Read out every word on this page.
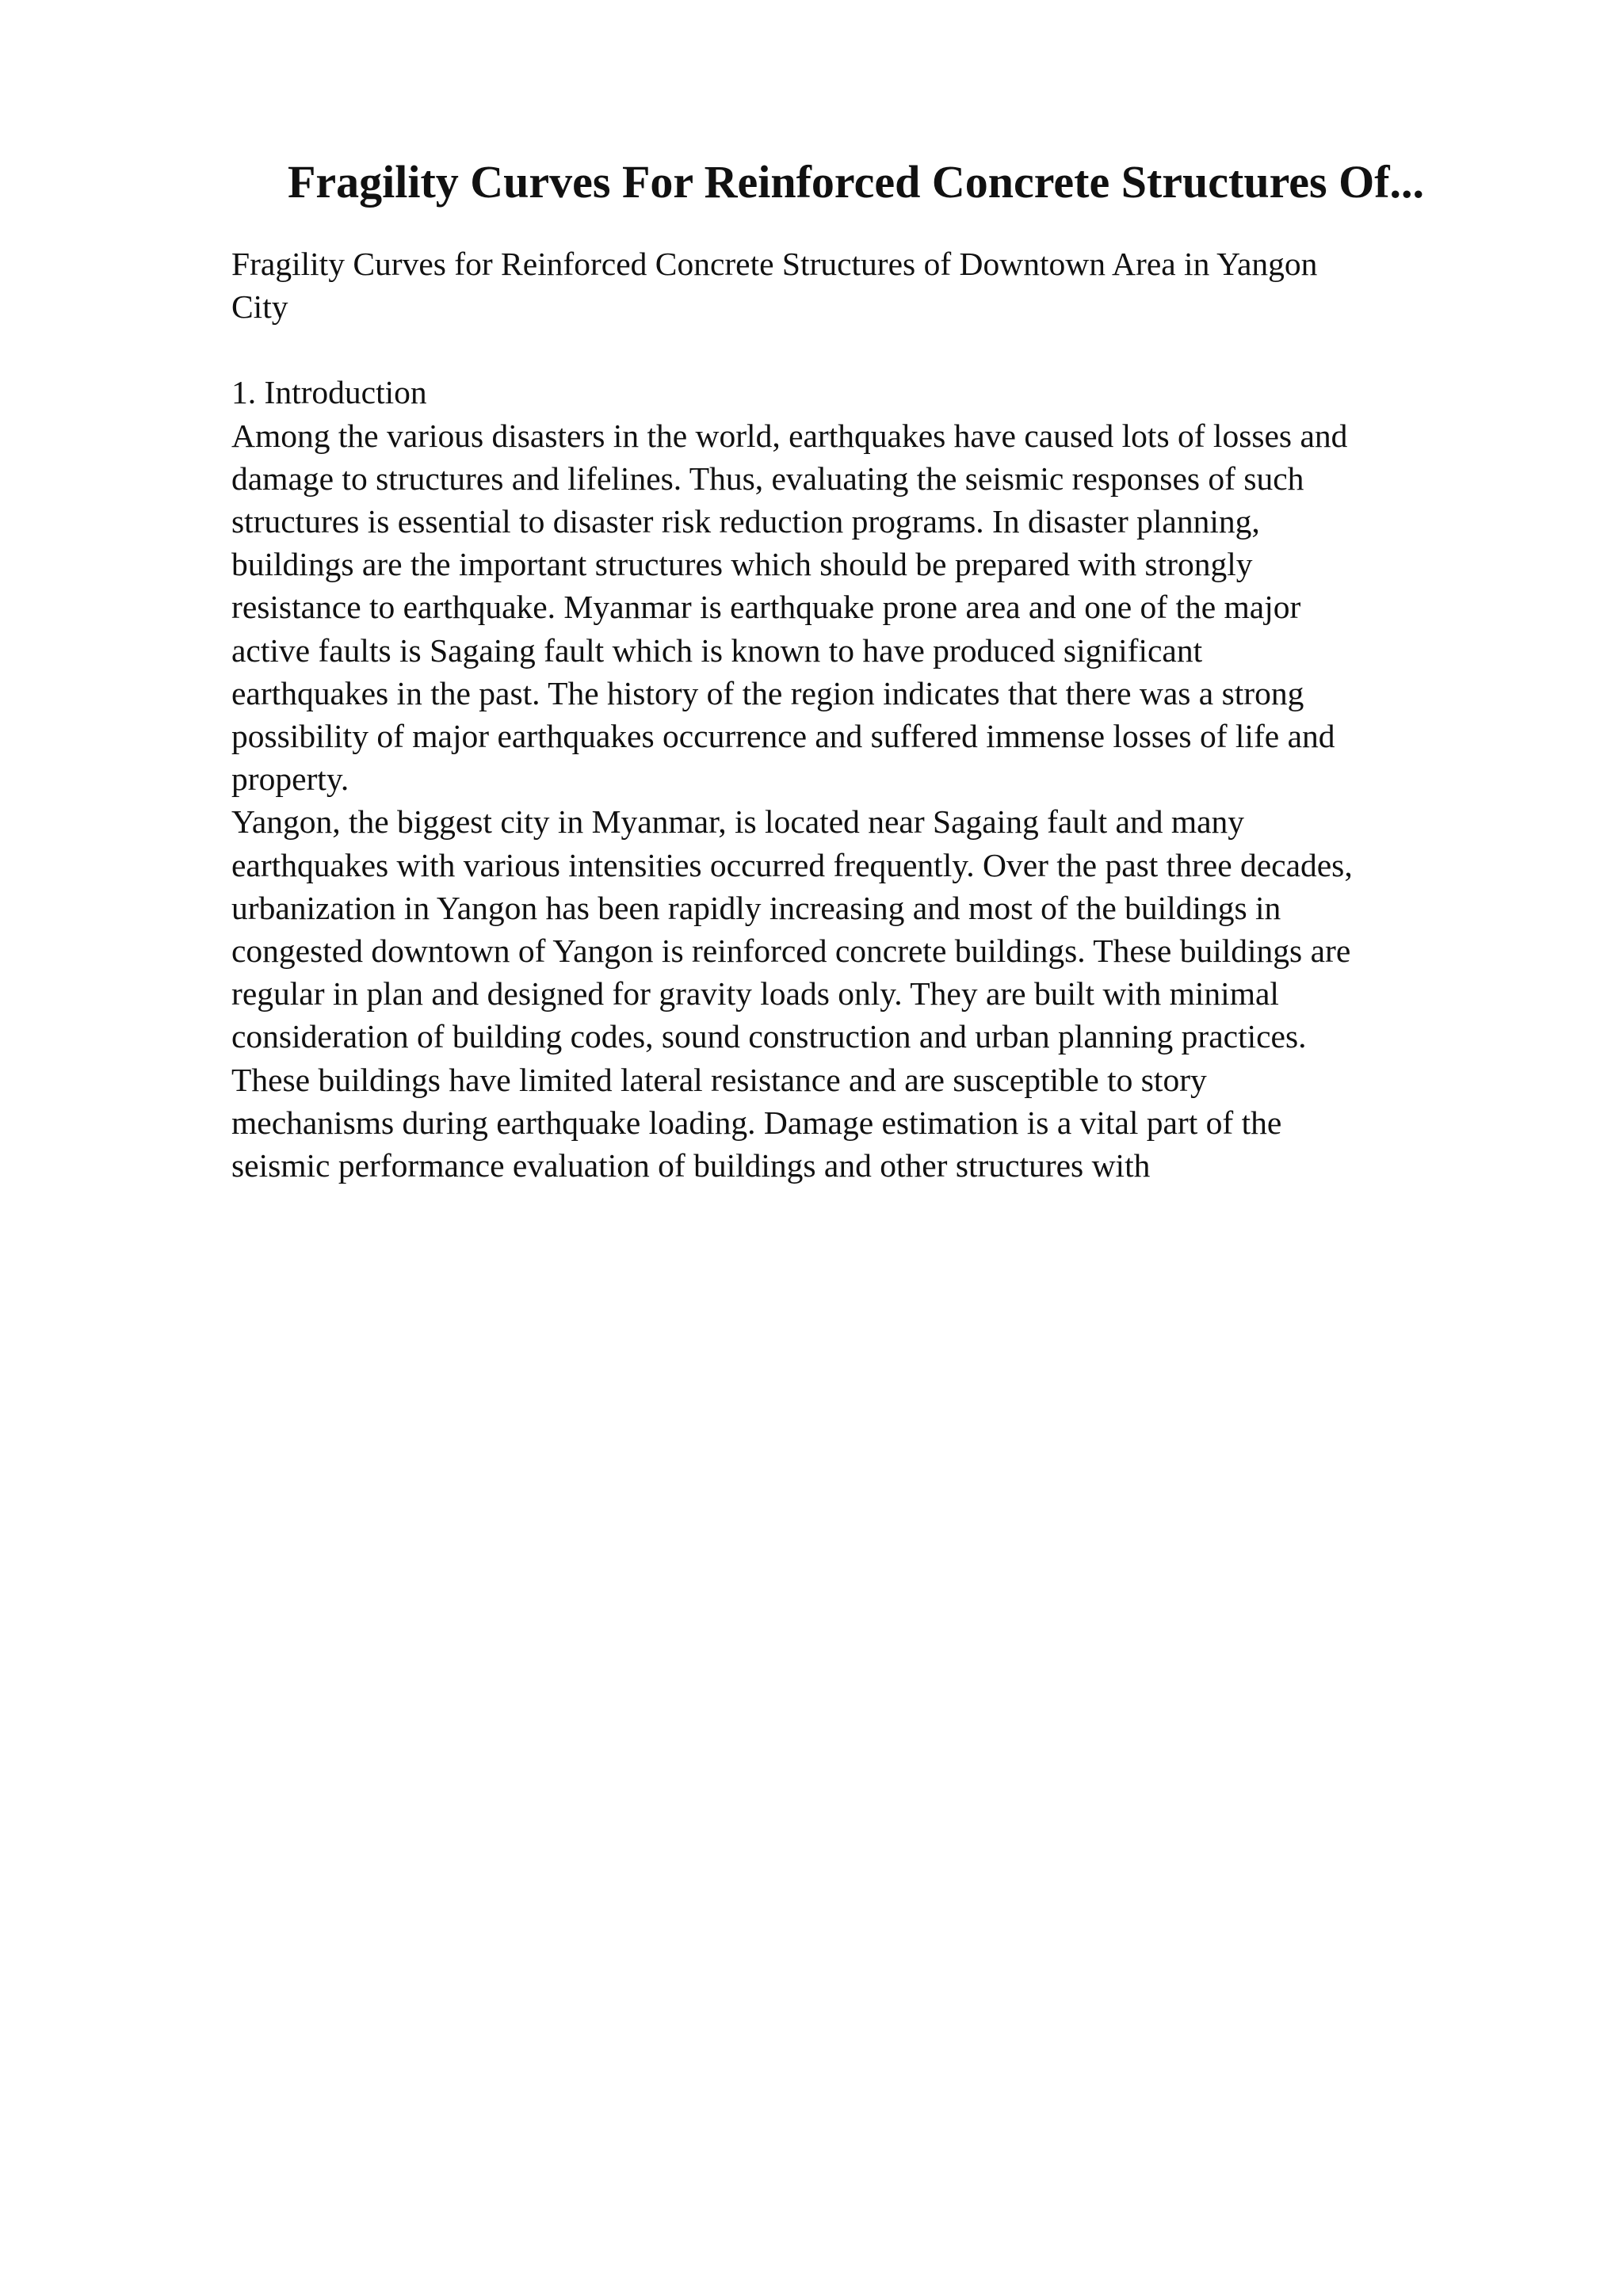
Fragility Curves For Reinforced Concrete Structures Of...

Fragility Curves for Reinforced Concrete Structures of Downtown Area in Yangon
City

1. Introduction

Among the various disasters in the world, earthquakes have caused lots of losses and
damage to structures and lifelines. Thus, evaluating the seismic responses of such
structures is essential to disaster risk reduction programs. In disaster planning,
buildings are the important structures which should be prepared with strongly
resistance to earthquake. Myanmar is earthquake prone area and one of the major
active faults is Sagaing fault which is known to have produced significant
earthquakes in the past. The history of the region indicates that there was a strong
possibility of major earthquakes occurrence and suffered immense losses of life and
property.

Yangon, the biggest city in Myanmar, is located near Sagaing fault and many
earthquakes with various intensities occurred frequently. Over the past three decades,
urbanization in Yangon has been rapidly increasing and most of the buildings in
congested downtown of Yangon is reinforced concrete buildings. These buildings are
regular in plan and designed for gravity loads only. They are built with minimal
consideration of building codes, sound construction and urban planning practices.
These buildings have limited lateral resistance and are susceptible to story
mechanisms during earthquake loading. Damage estimation is a vital part of the
seismic performance evaluation of buildings and other structures with
